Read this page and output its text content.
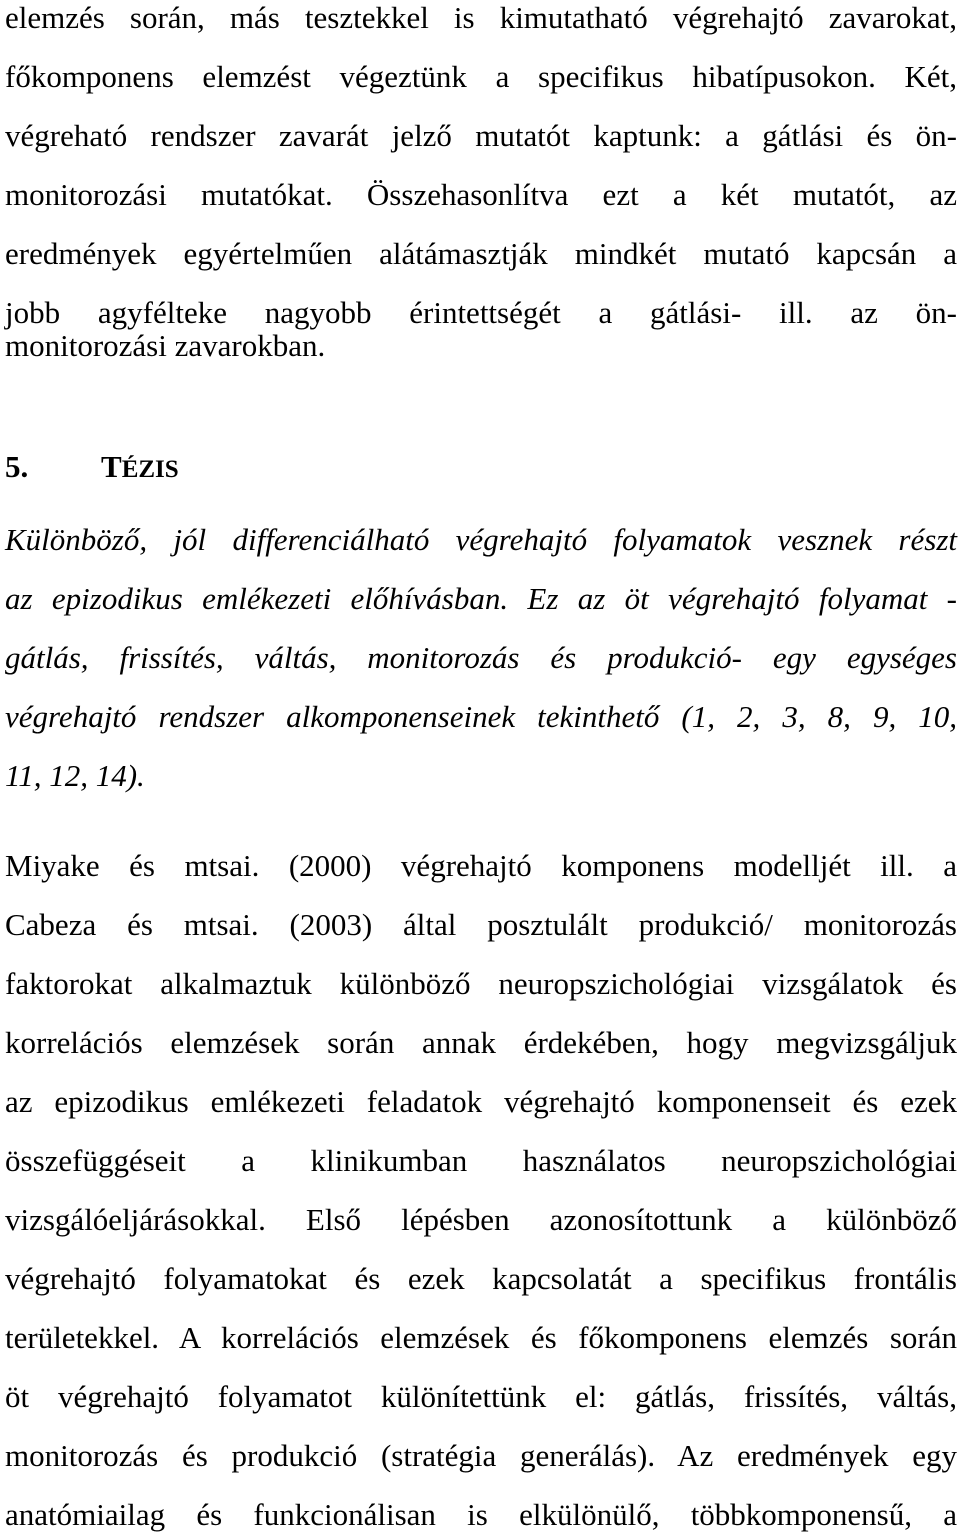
elemzés során, más tesztekkel is kimutatható végrehajtó zavarokat,
főkomponens elemzést végeztünk a specifikus hibatípusokon. Két,
végreható rendszer zavarát jelző mutatót kaptunk: a gátlási és ön-
monitorozási mutatókat. Összehasonlítva ezt a két mutatót, az
eredmények egyértelműen alátámasztják mindkét mutató kapcsán a
jobb agyfélteke nagyobb érintettségét a gátlási- ill. az ön-
monitorozási zavarokban.
5. TÉZIS
Különböző, jól differenciálható végrehajtó folyamatok vesznek részt
az epizodikus emlékezeti előhívásban. Ez az öt végrehajtó folyamat -
gátlás, frissítés, váltás, monitorozás és produkció- egy egységes
végrehajtó rendszer alkomponenseinek tekinthető (1, 2, 3, 8, 9, 10,
11, 12, 14).
Miyake és mtsai. (2000) végrehajtó komponens modelljét ill. a
Cabeza és mtsai. (2003) által posztulált produkció/ monitorozás
faktorokat alkalmaztuk különböző neuropszichológiai vizsgálatok és
korrelációs elemzések során annak érdekében, hogy megvizsgáljuk
az epizodikus emlékezeti feladatok végrehajtó komponenseit és ezek
összefüggéseit a klinikumban használatos neuropszichológiai
vizsgálóeljárásokkal. Első lépésben azonosítottunk a különböző
végrehajtó folyamatokat és ezek kapcsolatát a specifikus frontális
területekkel. A korrelációs elemzések és főkomponens elemzés során
öt végrehajtó folyamatot különítettünk el: gátlás, frissítés, váltás,
monitorozás és produkció (stratégia generálás). Az eredmények egy
anatómiailag és funkcionálisan is elkülönülő, többkomponensű, a
